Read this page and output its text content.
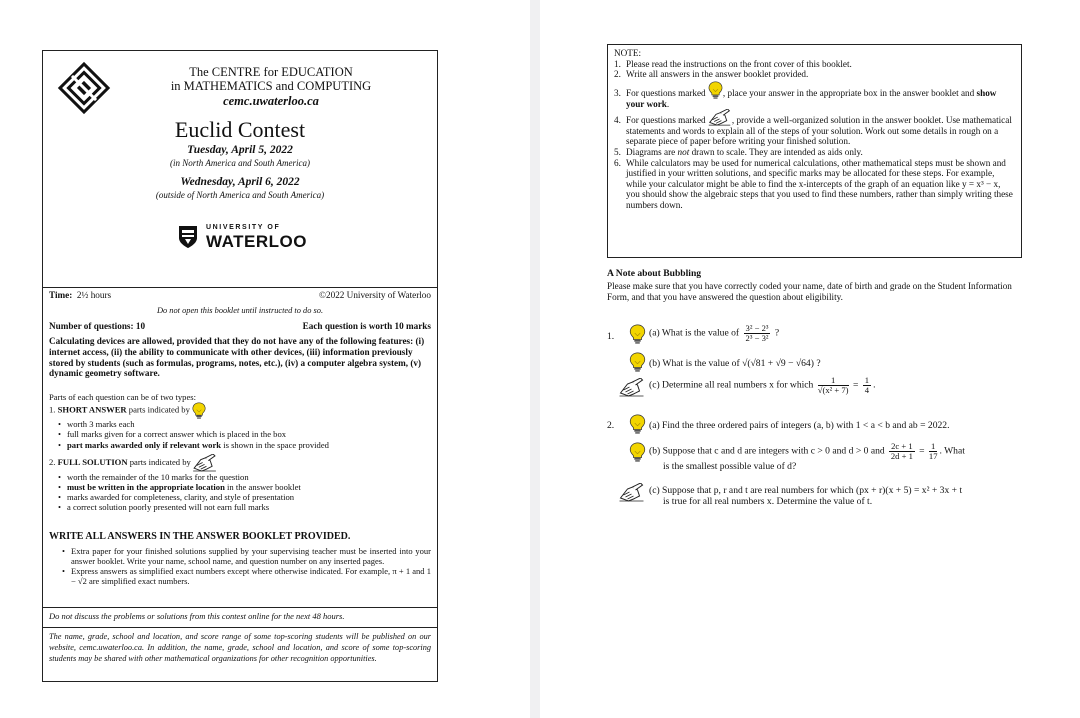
The CENTRE for EDUCATION
in MATHEMATICS and COMPUTING
cemc.uwaterloo.ca
Euclid Contest
Tuesday, April 5, 2022
(in North America and South America)
Wednesday, April 6, 2022
(outside of North America and South America)
UNIVERSITY OF
WATERLOO
Time: 2½ hours	©2022 University of Waterloo
Do not open this booklet until instructed to do so.
Number of questions: 10	Each question is worth 10 marks
Calculating devices are allowed, provided that they do not have any of the following features: (i) internet access, (ii) the ability to communicate with other devices, (iii) information previously stored by students (such as formulas, programs, notes, etc.), (iv) a computer algebra system, (v) dynamic geometry software.
Parts of each question can be of two types:
1. SHORT ANSWER parts indicated by
• worth 3 marks each
• full marks given for a correct answer which is placed in the box
• part marks awarded only if relevant work is shown in the space provided
2. FULL SOLUTION parts indicated by
• worth the remainder of the 10 marks for the question
• must be written in the appropriate location in the answer booklet
• marks awarded for completeness, clarity, and style of presentation
• a correct solution poorly presented will not earn full marks
WRITE ALL ANSWERS IN THE ANSWER BOOKLET PROVIDED.
• Extra paper for your finished solutions supplied by your supervising teacher must be inserted into your answer booklet. Write your name, school name, and question number on any inserted pages.
• Express answers as simplified exact numbers except where otherwise indicated. For example, π + 1 and 1 − √2 are simplified exact numbers.
Do not discuss the problems or solutions from this contest online for the next 48 hours.
The name, grade, school and location, and score range of some top-scoring students will be published on our website, cemc.uwaterloo.ca. In addition, the name, grade, school and location, and score of some top-scoring students may be shared with other mathematical organizations for other recognition opportunities.
NOTE:
1. Please read the instructions on the front cover of this booklet.
2. Write all answers in the answer booklet provided.
3. For questions marked , place your answer in the appropriate box in the answer booklet and show your work.
4. For questions marked	, provide a well-organized solution in the answer booklet. Use mathematical statements and words to explain all of the steps of your solution. Work out some details in rough on a separate piece of paper before writing your finished solution.
5. Diagrams are not drawn to scale. They are intended as aids only.
6. While calculators may be used for numerical calculations, other mathematical steps must be shown and justified in your written solutions, and specific marks may be allocated for these steps. For example, while your calculator might be able to find the x-intercepts of the graph of an equation like y = x³ − x, you should show the algebraic steps that you used to find these numbers, rather than simply writing these numbers down.
A Note about Bubbling
Please make sure that you have correctly coded your name, date of birth and grade on the Student Information Form, and that you have answered the question about eligibility.
1.	(a) What is the value of $\frac{\text{3² − 2³}}{\text{2³ − 3²}}$ ?
(b) What is the value of √(√81 + √9 − √64) ?
(c) Determine all real numbers x for which $\frac{1}{\text{√(x² + 7)}} = \frac{1}{4}$ .
2.	(a) Find the three ordered pairs of integers (a, b) with 1 < a < b and ab = 2022.
(b) Suppose that c and d are integers with c > 0 and d > 0 and $\frac{2c + 1}{2d + 1} = \frac{1}{17}$ . What
is the smallest possible value of d?
(c) Suppose that p, r and t are real numbers for which (px + r)(x + 5) = x² + 3x + t
is true for all real numbers x. Determine the value of t.
